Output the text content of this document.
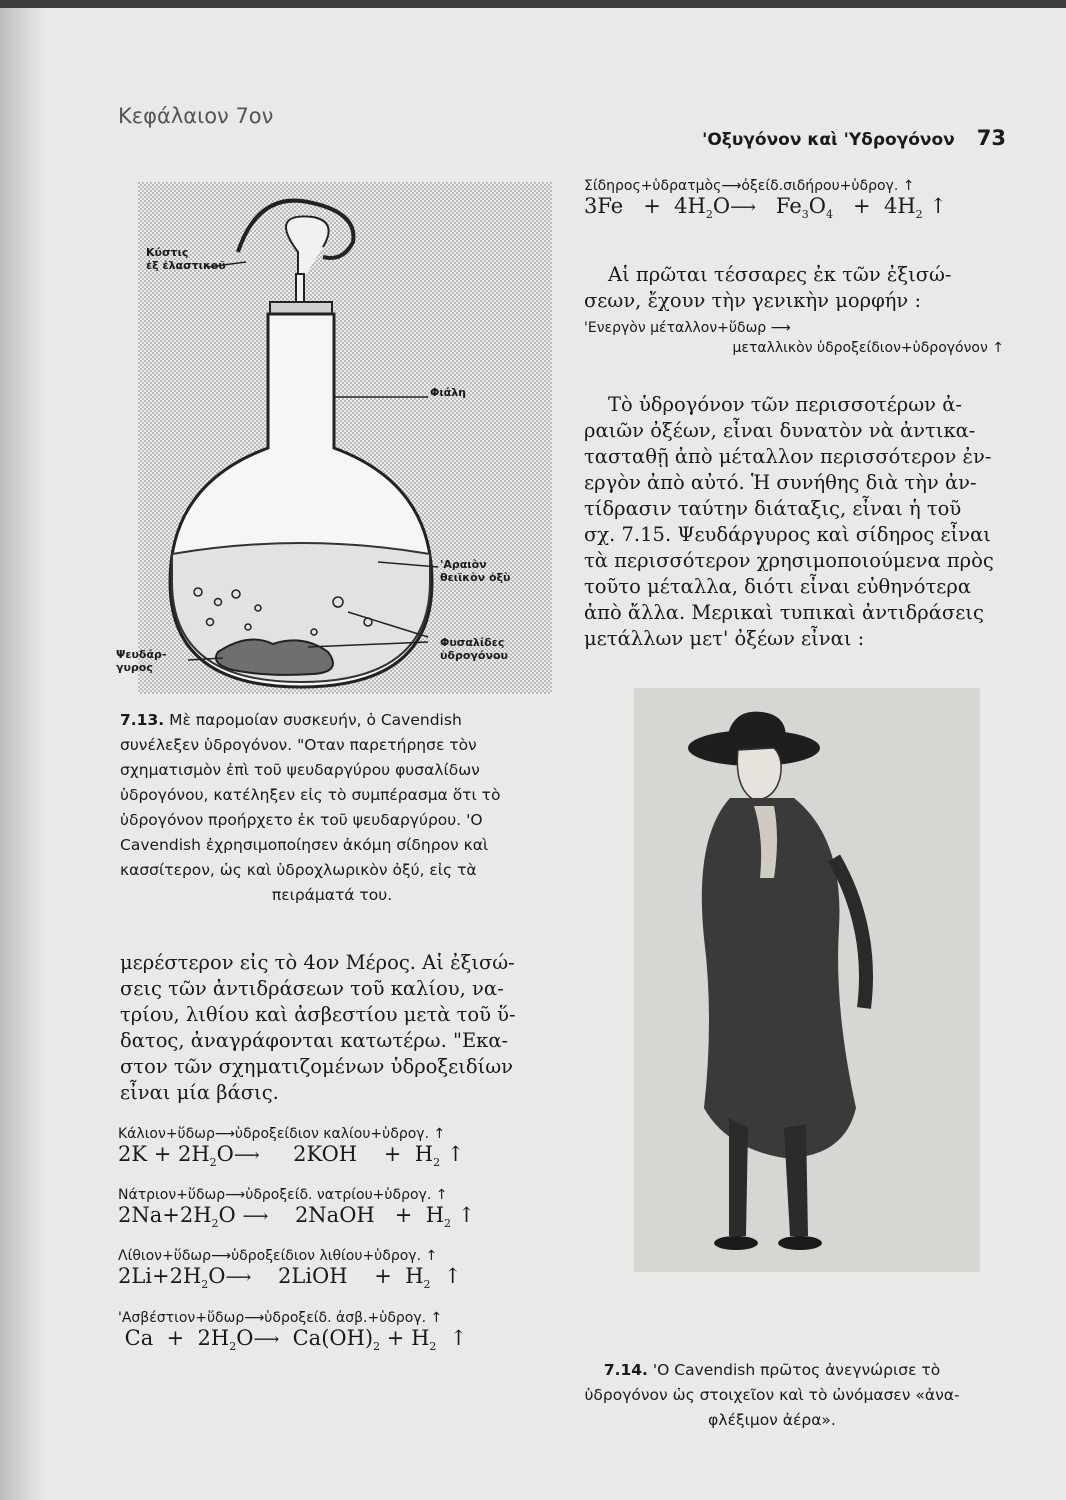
Κεφάλαιον 7ον
'Οξυγόνον καὶ 'Υδρογόνον 73
Κύστις
ἐξ ἐλαστικοῦ
Φιάλη
'Αραιὸν
θειϊκὸν ὀξὺ
Φυσαλίδες
ὑδρογόνου
Ψευδάρ-
γυρος
7.13. Μὲ παρομοίαν συσκευήν, ὁ Cavendish
συνέλεξεν ὑδρογόνον. "Οταν παρετήρησε τὸν
σχηματισμὸν ἐπὶ τοῦ ψευδαργύρου φυσαλίδων
ὑδρογόνου, κατέληξεν εἰς τὸ συμπέρασμα ὅτι τὸ
ὑδρογόνον προήρχετο ἐκ τοῦ ψευδαργύρου. 'Ο
Cavendish ἐχρησιμοποίησεν ἀκόμη σίδηρον καὶ
κασσίτερον, ὡς καὶ ὑδροχλωρικὸν ὀξύ, εἰς τὰ
πειράματά του.
μερέστερον εἰς τὸ 4ον Μέρος. Αἱ ἐξισώ-
σεις τῶν ἀντιδράσεων τοῦ καλίου, να-
τρίου, λιθίου καὶ ἀσβεστίου μετὰ τοῦ ὕ-
δατος, ἀναγράφονται κατωτέρω. "Εκα-
στον τῶν σχηματιζομένων ὑδροξειδίων
εἶναι μία βάσις.
Κάλιον+ὕδωρ⟶ὑδροξείδιον καλίου+ὑδρογ. ↑
$2K + 2H_2O⟶$     2KOH    +  $H_2$ ↑
Νάτριον+ὕδωρ⟶ὑδροξείδ. νατρίου+ὑδρογ. ↑
$2Na+2H_2O$ ⟶    2NaOH   +  $H_2$ ↑
Λίθιον+ὕδωρ⟶ὑδροξείδιον λιθίου+ὑδρογ. ↑
$2Li+2H_2O⟶$    2LiOH    +  $H_2$  ↑
'Ασβέστιον+ὕδωρ⟶ὑδροξείδ. ἀσβ.+ὑδρογ. ↑
$Ca + 2H_2O⟶$  $Ca(OH)_2 + H_2$  ↑
Σίδηρος+ὑδρατμὸς⟶ὀξείδ.σιδήρου+ὑδρογ. ↑
$3Fe + 4H_2O⟶$   $Fe_3O_4 + 4H_2$ ↑
Αἱ πρῶται τέσσαρες ἐκ τῶν ἐξισώ-
σεων, ἔχουν τὴν γενικὴν μορφήν :
'Ενεργὸν μέταλλον+ὕδωρ ⟶
μεταλλικὸν ὑδροξείδιον+ὑδρογόνον ↑
Τὸ ὑδρογόνον τῶν περισσοτέρων ἀ-
ραιῶν ὀξέων, εἶναι δυνατὸν νὰ ἀντικα-
τασταθῇ ἀπὸ μέταλλον περισσότερον ἐν-
εργὸν ἀπὸ αὐτό. Ἡ συνήθης διὰ τὴν ἀν-
τίδρασιν ταύτην διάταξις, εἶναι ἡ τοῦ
σχ. 7.15. Ψευδάργυρος καὶ σίδηρος εἶναι
τὰ περισσότερον χρησιμοποιούμενα πρὸς
τοῦτο μέταλλα, διότι εἶναι εὐθηνότερα
ἀπὸ ἄλλα. Μερικαὶ τυπικαὶ ἀντιδράσεις
μετάλλων μετ' ὀξέων εἶναι :
7.14. 'Ο Cavendish πρῶτος ἀνεγνώρισε τὸ
ὑδρογόνον ὡς στοιχεῖον καὶ τὸ ὠνόμασεν «ἀνα-
φλέξιμον ἀέρα».
